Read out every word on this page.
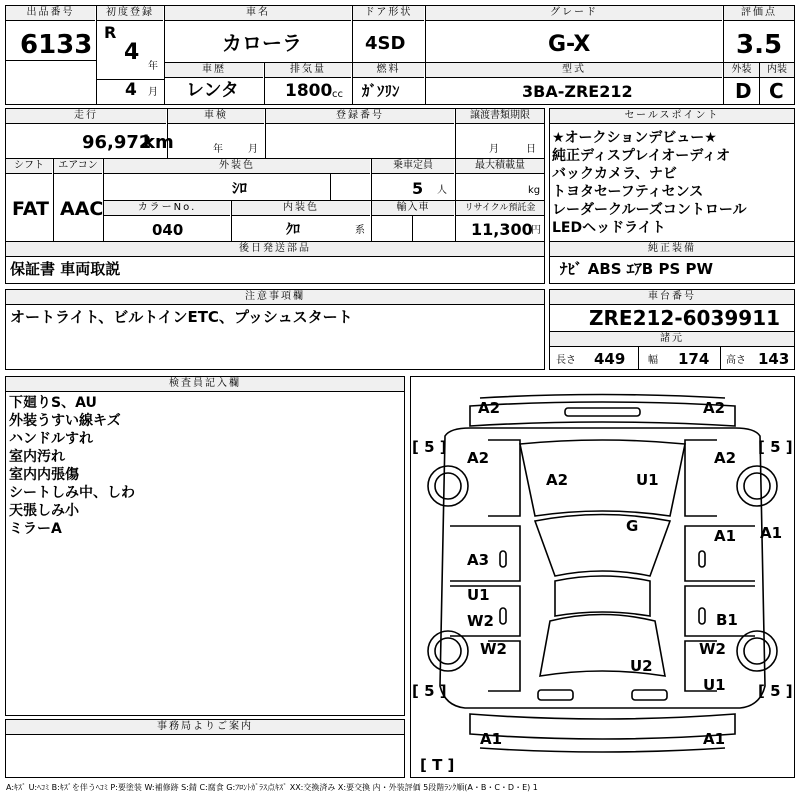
出品番号
6133
初度登録
R
4
年
4 月
車名
カローラ
ドア形状
4SD
グレード
G-X
評価点
3.5
車歴	排気量	燃料	型式
レンタ	1800 cc ｶﾞｿﾘﾝ	3BA-ZRE212
外装	内装
D C
走行
96,972
km
車検
年	月
登録番号	譲渡書類期限
月	日
シフト	エアコン
FAT AAC
外装色
ｼﾛ
乗車定員
5 人
最大積載量
kg
カラーNo.	内装色	輸入車	リサイクル預託金
040	ｸﾛ	系	11,300
円
後日発送部品
保証書 車両取説
セールスポイント
★オークションデビュー★
純正ディスプレイオーディオ
バックカメラ、ナビ
トヨタセーフティセンス
レーダークルーズコントロール
LEDヘッドライト
純正装備
ﾅﾋﾞ ABS ｴｱB PS PW
注意事項欄
オートライト、ビルトインETC、プッシュスタート
車台番号
ZRE212-6039911
諸元
長さ 449 幅 174 高さ 143
検査員記入欄
下廻りS、AU
外装うすい線キズ
ハンドルすれ
室内汚れ
室内内張傷
シートしみ中、しわ
天張しみ小
ミラーA
事務局よりご案内
[ 5 ]	[ 5 ]
[ 5 ]	[ 5 ]
[ T ]
A2	A2
A2	A2
A2	U1
G
A3
A1 A1
U1
W2	B1
W2	W2
U2
U1
A1	A1
A:ｷｽﾞ U:ﾍｺﾐ B:ｷｽﾞを伴うﾍｺﾐ P:要塗装 W:補修跡 S:錆 C:腐食 G:ﾌﾛﾝﾄｶﾞﾗｽ点ｷｽﾞ XX:交換済み X:要交換 内・外装評価 5段階ﾗﾝｸ順(A・B・C・D・E) 1
